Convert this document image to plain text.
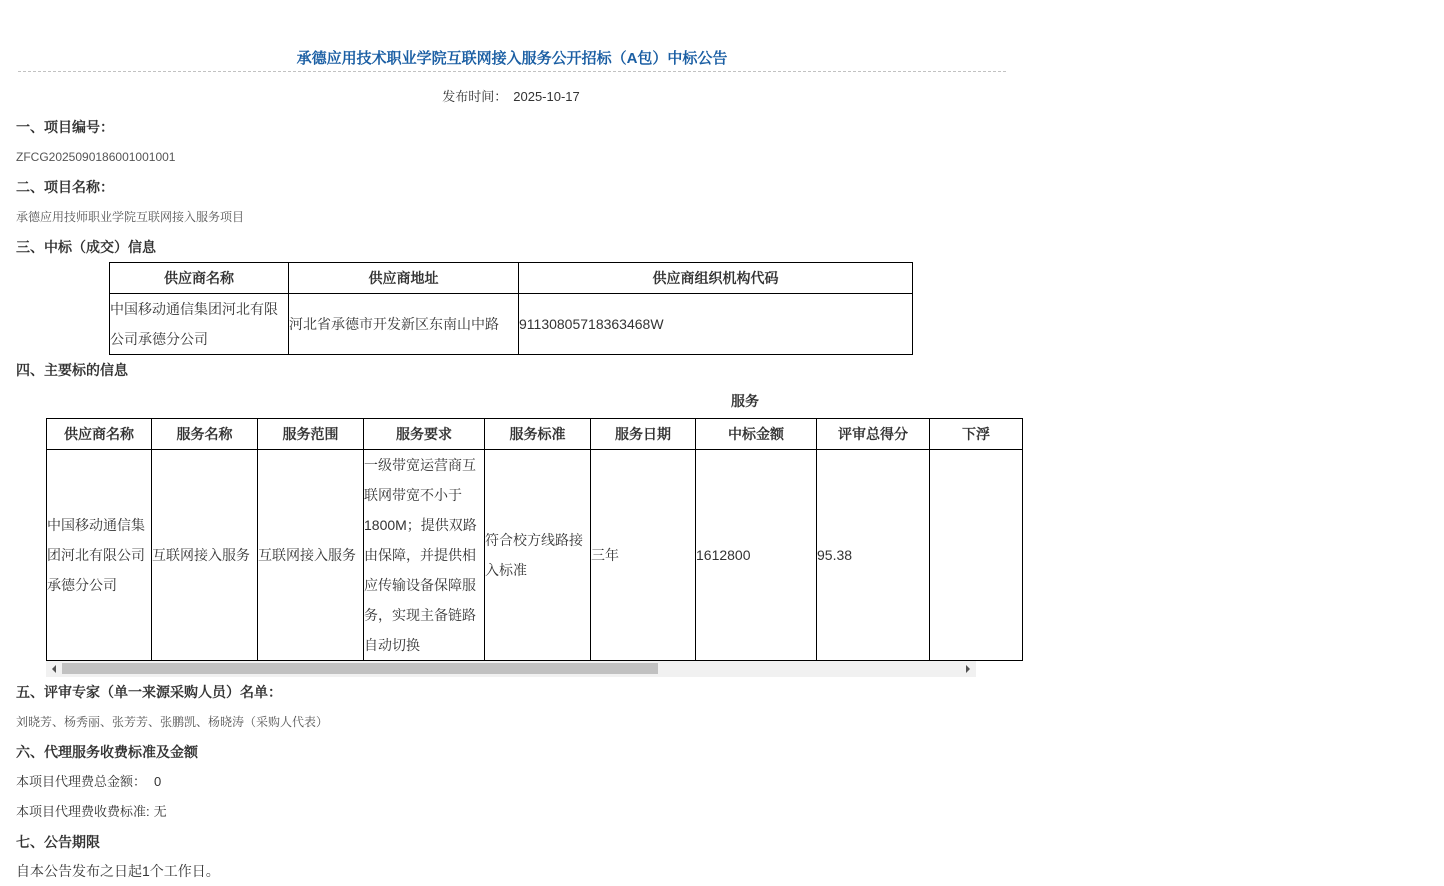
承德应用技术职业学院互联网接入服务公开招标（A包）中标公告
发布时间： 2025-10-17
一、项目编号：
ZFCG2025090186001001001
二、项目名称：
承德应用技师职业学院互联网接入服务项目
三、中标（成交）信息
供应商名称	供应商地址	供应商组织机构代码
中国移动通信集团河北有限公司承德分公司	河北省承德市开发新区东南山中路	91130805718363468W
四、主要标的信息
服务
供应商名称	服务名称	服务范围	服务要求	服务标准	服务日期	中标金额	评审总得分	下浮
中国移动通信集团河北有限公司承德分公司	互联网接入服务	互联网接入服务	一级带宽运营商互联网带宽不小于1800M；提供双路由保障，并提供相应传输设备保障服务，实现主备链路自动切换	符合校方线路接入标准	三年	1612800	95.38	
五、评审专家（单一来源采购人员）名单：
刘晓芳、杨秀丽、张芳芳、张鹏凯、杨晓涛（采购人代表）
六、代理服务收费标准及金额
本项目代理费总金额： 0
本项目代理费收费标准: 无
七、公告期限
自本公告发布之日起1个工作日。
